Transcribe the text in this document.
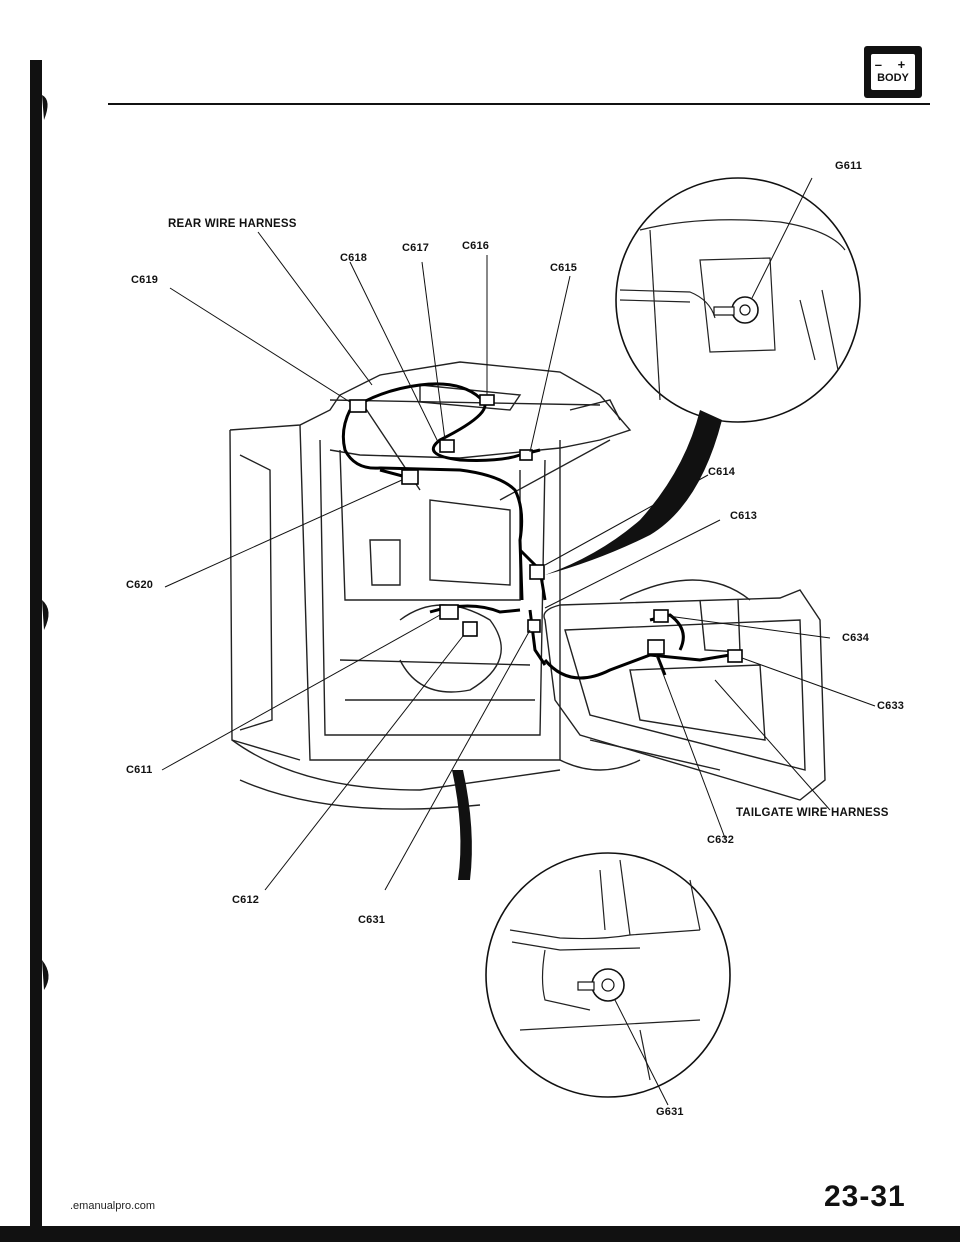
– +
BODY
REAR WIRE HARNESS
G611
C618
C617	C616
C615
C619
C614
C613
C620
C634
C633
C611
TAILGATE WIRE HARNESS
C632
C612
C631
G631
.emanualpro.com	23-31
